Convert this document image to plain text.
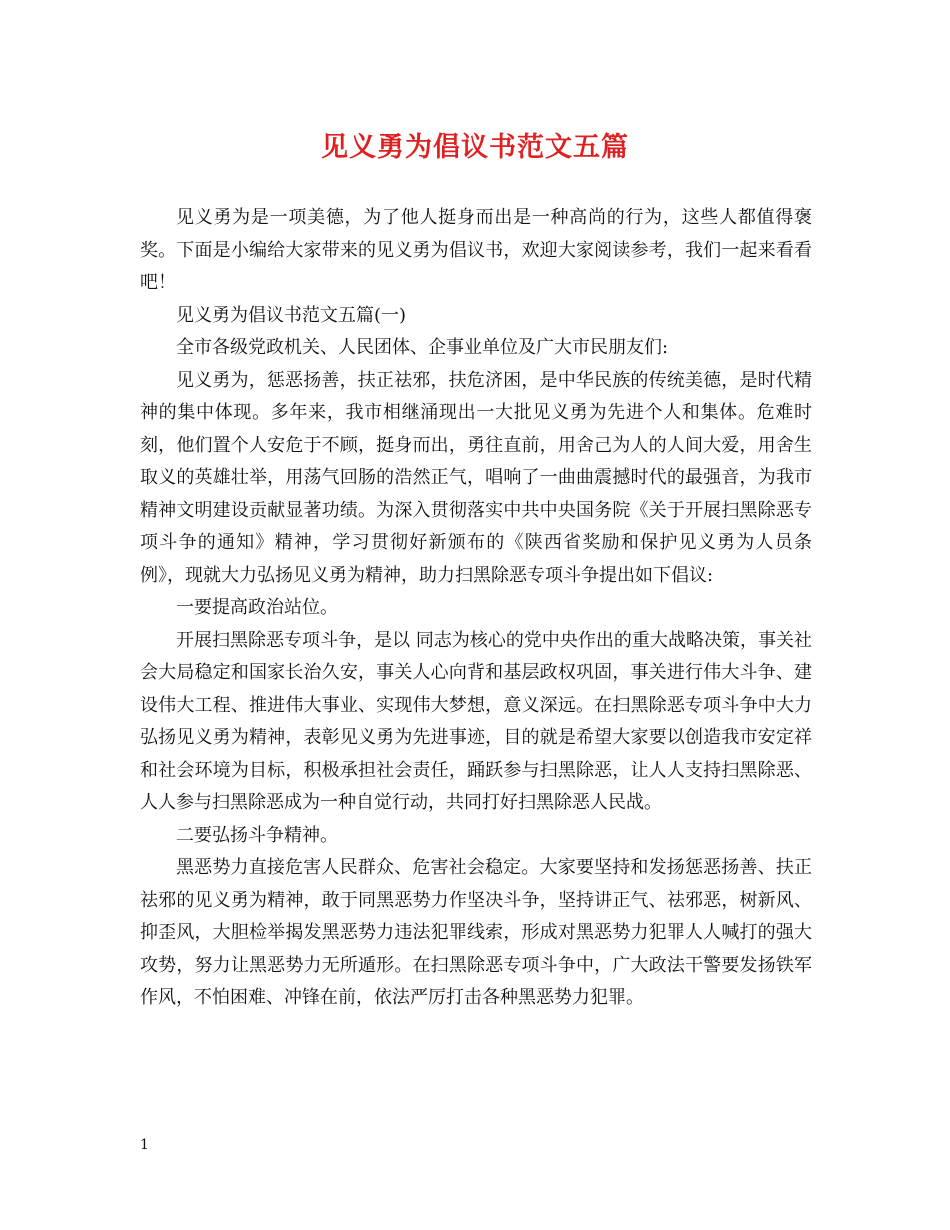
见义勇为倡议书范文五篇

见义勇为是一项美德，为了他人挺身而出是一种高尚的行为，这些人都值得褒奖。下面是小编给大家带来的见义勇为倡议书，欢迎大家阅读参考，我们一起来看看吧！

见义勇为倡议书范文五篇(一)

全市各级党政机关、人民团体、企事业单位及广大市民朋友们:

见义勇为，惩恶扬善，扶正祛邪，扶危济困，是中华民族的传统美德，是时代精神的集中体现。多年来，我市相继涌现出一大批见义勇为先进个人和集体。危难时刻，他们置个人安危于不顾，挺身而出，勇往直前，用舍己为人的人间大爱，用舍生取义的英雄壮举，用荡气回肠的浩然正气，唱响了一曲曲震撼时代的最强音，为我市精神文明建设贡献显著功绩。为深入贯彻落实中共中央国务院《关于开展扫黑除恶专项斗争的通知》精神，学习贯彻好新颁布的《陕西省奖励和保护见义勇为人员条例》，现就大力弘扬见义勇为精神，助力扫黑除恶专项斗争提出如下倡议:

一要提高政治站位。

开展扫黑除恶专项斗争，是以 同志为核心的党中央作出的重大战略决策，事关社会大局稳定和国家长治久安，事关人心向背和基层政权巩固，事关进行伟大斗争、建设伟大工程、推进伟大事业、实现伟大梦想，意义深远。在扫黑除恶专项斗争中大力弘扬见义勇为精神，表彰见义勇为先进事迹，目的就是希望大家要以创造我市安定祥和社会环境为目标，积极承担社会责任，踊跃参与扫黑除恶，让人人支持扫黑除恶、人人参与扫黑除恶成为一种自觉行动，共同打好扫黑除恶人民战。

二要弘扬斗争精神。

黑恶势力直接危害人民群众、危害社会稳定。大家要坚持和发扬惩恶扬善、扶正祛邪的见义勇为精神，敢于同黑恶势力作坚决斗争，坚持讲正气、祛邪恶，树新风、抑歪风，大胆检举揭发黑恶势力违法犯罪线索，形成对黑恶势力犯罪人人喊打的强大攻势，努力让黑恶势力无所遁形。在扫黑除恶专项斗争中，广大政法干警要发扬铁军作风，不怕困难、冲锋在前，依法严厉打击各种黑恶势力犯罪。

1
